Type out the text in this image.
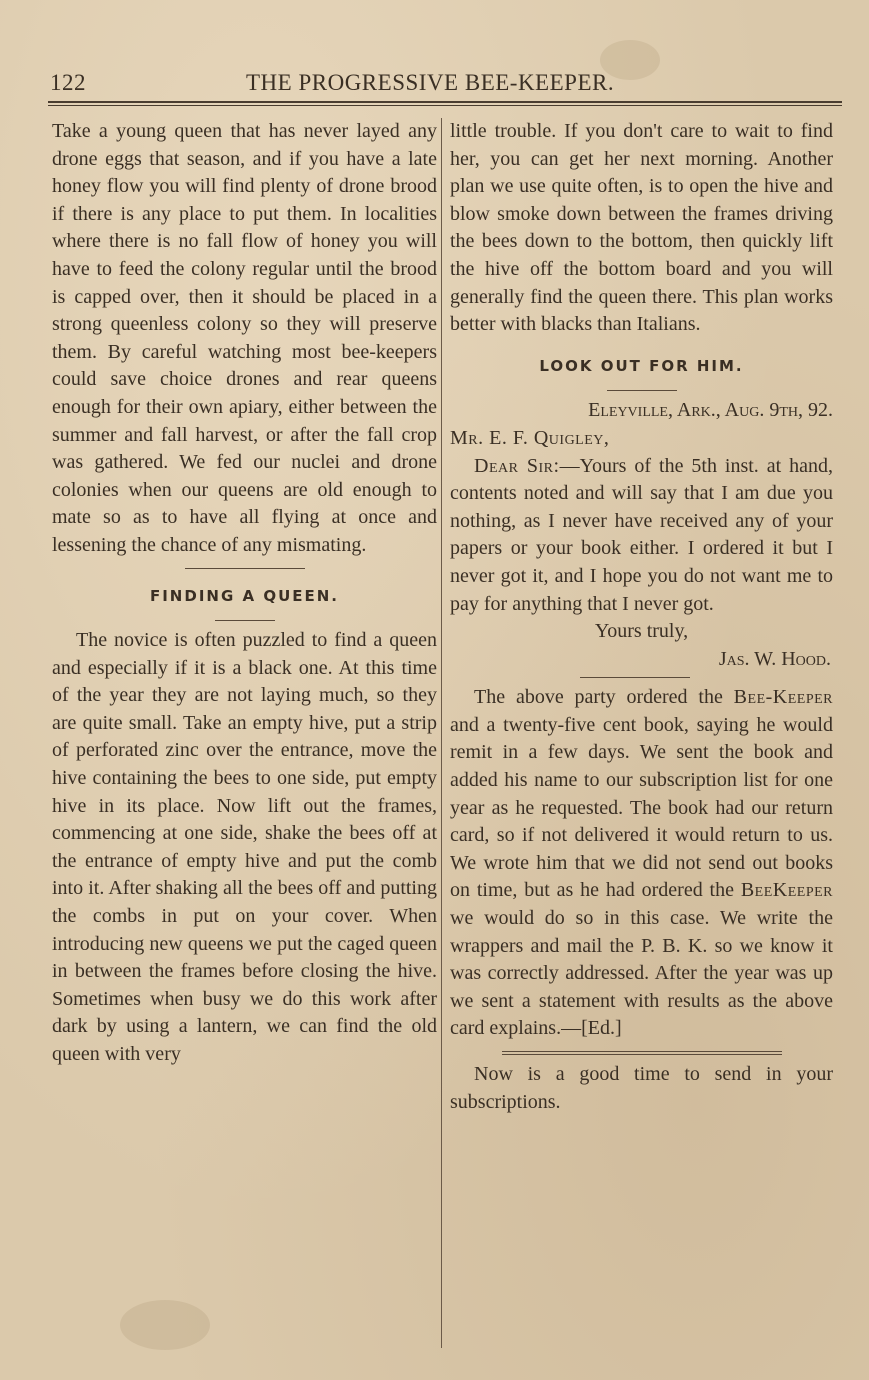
122	THE PROGRESSIVE BEE-KEEPER.

Take a young queen that has never layed any drone eggs that season, and if you have a late honey flow you will find plenty of drone brood if there is any place to put them. In localities where there is no fall flow of honey you will have to feed the colony regular until the brood is capped over, then it should be placed in a strong queenless colony so they will preserve them. By careful watching most bee-keepers could save choice drones and rear queens enough for their own apiary, either between the summer and fall harvest, or after the fall crop was gathered. We fed our nuclei and drone colonies when our queens are old enough to mate so as to have all flying at once and lessening the chance of any mismating.

FINDING A QUEEN.

The novice is often puzzled to find a queen and especially if it is a black one. At this time of the year they are not laying much, so they are quite small. Take an empty hive, put a strip of perforated zinc over the entrance, move the hive containing the bees to one side, put empty hive in its place. Now lift out the frames, commencing at one side, shake the bees off at the entrance of empty hive and put the comb into it. After shaking all the bees off and putting the combs in put on your cover. When introducing new queens we put the caged queen in between the frames before closing the hive. Sometimes when busy we do this work after dark by using a lantern, we can find the old queen with very

little trouble. If you don't care to wait to find her, you can get her next morning. Another plan we use quite often, is to open the hive and blow smoke down between the frames driving the bees down to the bottom, then quickly lift the hive off the bottom board and you will generally find the queen there. This plan works better with blacks than Italians.

LOOK OUT FOR HIM.
Eleyville, Ark., Aug. 9th, 92.

Mr. E. F. Quigley,

Dear Sir:—Yours of the 5th inst. at hand, contents noted and will say that I am due you nothing, as I never have received any of your papers or your book either. I ordered it but I never got it, and I hope you do not want me to pay for anything that I never got.

Yours truly,
Jas. W. Hood.

The above party ordered the Bee-Keeper and a twenty-five cent book, saying he would remit in a few days. We sent the book and added his name to our subscription list for one year as he requested. The book had our return card, so if not delivered it would return to us. We wrote him that we did not send out books on time, but as he had ordered the BeeKeeper we would do so in this case. We write the wrappers and mail the P. B. K. so we know it was correctly addressed. After the year was up we sent a statement with results as the above card explains.—[Ed.]

Now is a good time to send in your subscriptions.
